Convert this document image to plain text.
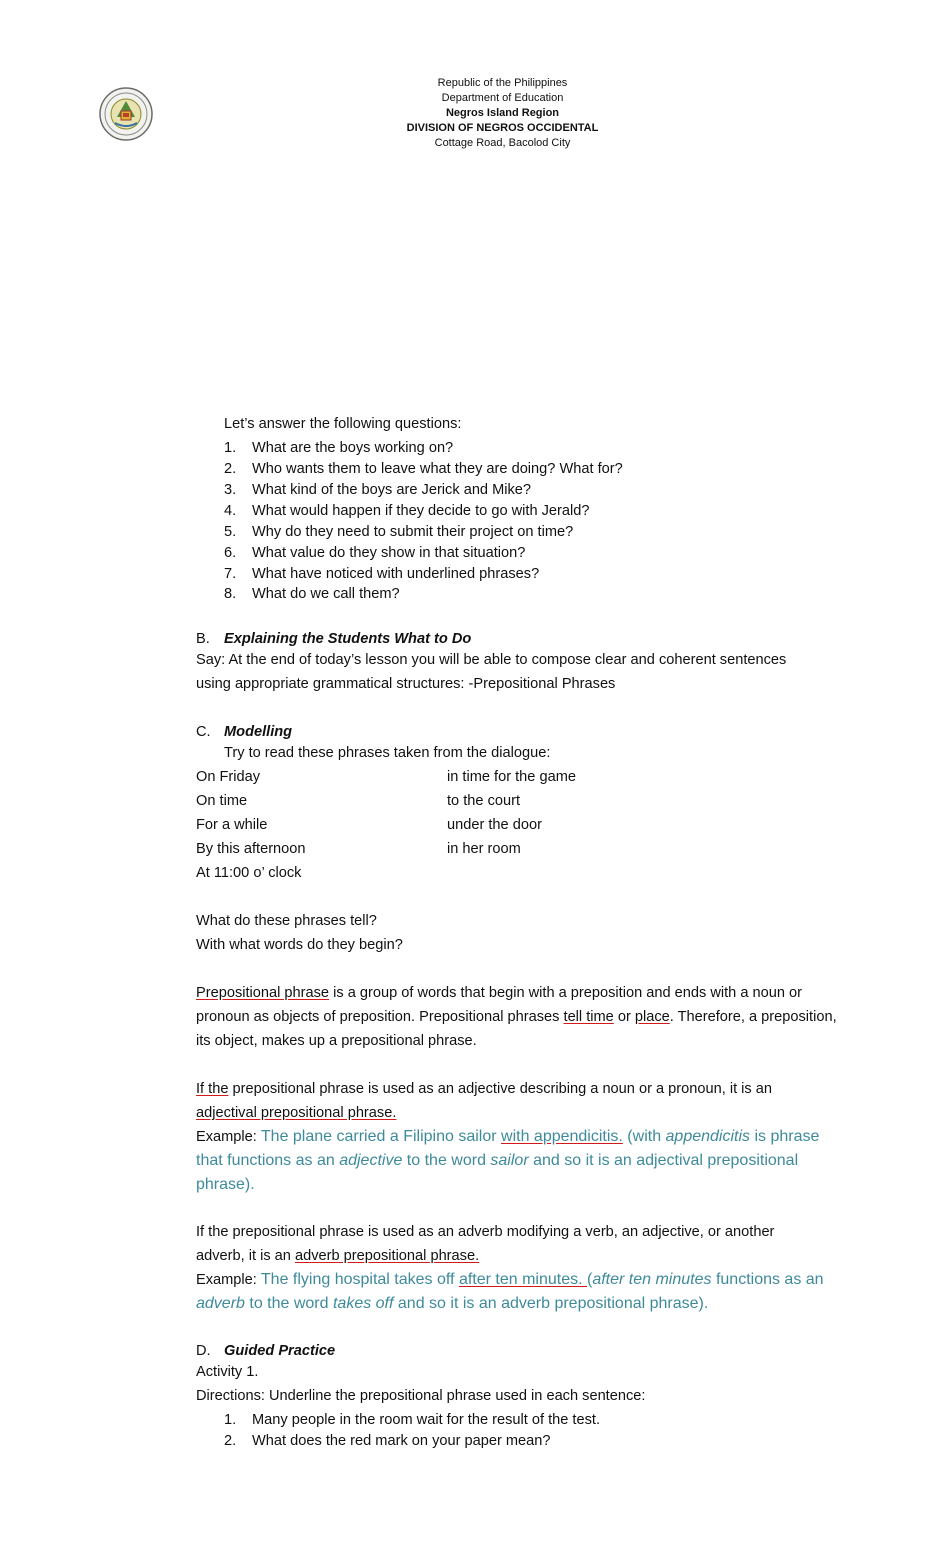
Republic of the Philippines
Department of Education
Negros Island Region
DIVISION OF NEGROS OCCIDENTAL
Cottage Road, Bacolod City
Let’s answer the following questions:
1. What are the boys working on?
2. Who wants them to leave what they are doing? What for?
3. What kind of the boys are Jerick and Mike?
4. What would happen if they decide to go with Jerald?
5. Why do they need to submit their project on time?
6. What value do they show in that situation?
7. What have noticed with underlined phrases?
8. What do we call them?
B. Explaining the Students What to Do
Say: At the end of today’s lesson you will be able to compose clear and coherent sentences
using appropriate grammatical structures: -Prepositional Phrases
C. Modelling
Try to read these phrases taken from the dialogue:
On Friday
On time
For a while
By this afternoon
At 11:00 o’ clock
in time for the game
to the court
under the door
in her room
What do these phrases tell?
With what words do they begin?
Prepositional phrase is a group of words that begin with a preposition and ends with a noun or pronoun as objects of preposition. Prepositional phrases tell time or place. Therefore, a preposition, its object, makes up a prepositional phrase.
If the prepositional phrase is used as an adjective describing a noun or a pronoun, it is an
adjectival prepositional phrase.
Example: The plane carried a Filipino sailor with appendicitis. (with appendicitis is phrase that functions as an adjective to the word sailor and so it is an adjectival prepositional phrase).
If the prepositional phrase is used as an adverb modifying a verb, an adjective, or another
adverb, it is an adverb prepositional phrase.
Example: The flying hospital takes off after ten minutes. (after ten minutes functions as an adverb to the word takes off and so it is an adverb prepositional phrase).
D. Guided Practice
Activity 1.
Directions: Underline the prepositional phrase used in each sentence:
1. Many people in the room wait for the result of the test.
2. What does the red mark on your paper mean?
